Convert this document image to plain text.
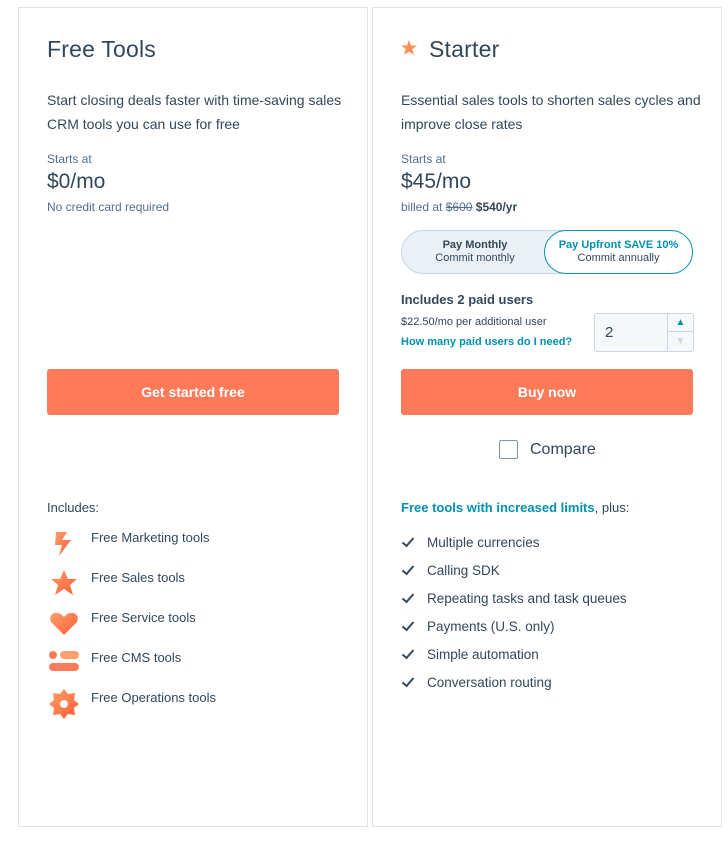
Free Tools
Start closing deals faster with time-saving sales CRM tools you can use for free
Starts at
$0/mo
No credit card required
Get started free
Includes:
Free Marketing tools
Free Sales tools
Free Service tools
Free CMS tools
Free Operations tools
Starter
Essential sales tools to shorten sales cycles and improve close rates
Starts at
$45/mo
billed at $600 $540/yr
Pay Monthly
Commit monthly
Pay Upfront SAVE 10%
Commit annually
Includes 2 paid users
$22.50/mo per additional user
How many paid users do I need?
2
▲
▼
Buy now
Compare
Free tools with increased limits, plus:
Multiple currencies
Calling SDK
Repeating tasks and task queues
Payments (U.S. only)
Simple automation
Conversation routing
